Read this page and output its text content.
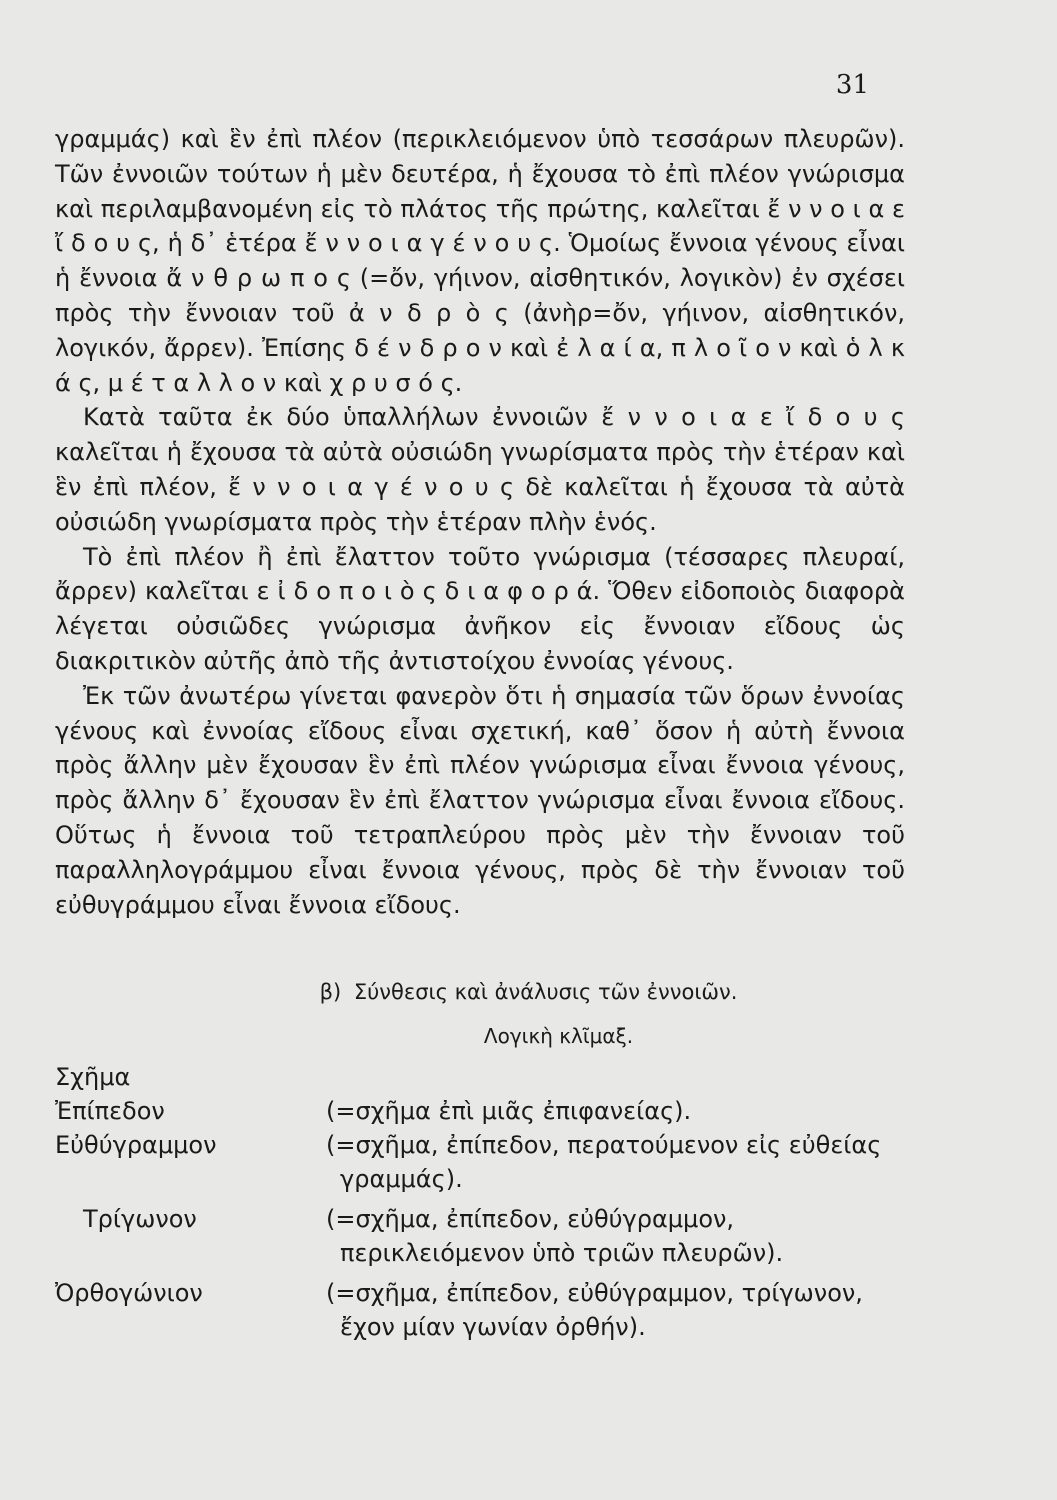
31

γραμμάς) καὶ ἓν ἐπὶ πλέον (περικλειόμενον ὑπὸ τεσσάρων πλευρῶν). Τῶν ἐννοιῶν τούτων ἡ μὲν δευτέρα, ἡ ἔχουσα τὸ ἐπὶ πλέον γνώρισμα καὶ περιλαμβανομένη εἰς τὸ πλάτος τῆς πρώτης, καλεῖται ἔ ν ν ο ι α ε ἴ δ ο υ ς, ἡ δ᾿ ἑτέρα ἔ ν ν ο ι α γ έ ν ο υ ς. Ὁμοίως ἔννοια γένους εἶναι ἡ ἔννοια ἄ ν θ ρ ω π ο ς (=ὄν, γήινον, αἰσθητικόν, λογικὸν) ἐν σχέσει πρὸς τὴν ἔννοιαν τοῦ ἀ ν δ ρ ὸ ς (ἀνὴρ=ὄν, γήινον, αἰσθητικόν, λογικόν, ἄρρεν). Ἐπίσης δ έ ν δ ρ ο ν καὶ ἐ λ α ί α, π λ ο ῖ ο ν καὶ ὁ λ κ ά ς, μ έ τ α λ λ ο ν καὶ χ ρ υ σ ό ς.

Κατὰ ταῦτα ἐκ δύο ὑπαλλήλων ἐννοιῶν ἔ ν ν ο ι α ε ἴ δ ο υ ς καλεῖται ἡ ἔχουσα τὰ αὐτὰ οὐσιώδη γνωρίσματα πρὸς τὴν ἑτέραν καὶ ἓν ἐπὶ πλέον, ἔ ν ν ο ι α γ έ ν ο υ ς δὲ καλεῖται ἡ ἔχουσα τὰ αὐτὰ οὐσιώδη γνωρίσματα πρὸς τὴν ἑτέραν πλὴν ἑνός.

Τὸ ἐπὶ πλέον ἢ ἐπὶ ἔλαττον τοῦτο γνώρισμα (τέσσαρες πλευραί, ἄρρεν) καλεῖται ε ἰ δ ο π ο ι ὸ ς δ ι α φ ο ρ ά. Ὅθεν εἰδοποιὸς διαφορὰ λέγεται οὐσιῶδες γνώρισμα ἀνῆκον εἰς ἔννοιαν εἴδους ὡς διακριτικὸν αὐτῆς ἀπὸ τῆς ἀντιστοίχου ἐννοίας γένους.

Ἐκ τῶν ἀνωτέρω γίνεται φανερὸν ὅτι ἡ σημασία τῶν ὅρων ἐννοίας γένους καὶ ἐννοίας εἴδους εἶναι σχετική, καθ᾿ ὅσον ἡ αὐτὴ ἔννοια πρὸς ἄλλην μὲν ἔχουσαν ἓν ἐπὶ πλέον γνώρισμα εἶναι ἔννοια γένους, πρὸς ἄλλην δ᾿ ἔχουσαν ἓν ἐπὶ ἔλαττον γνώρισμα εἶναι ἔννοια εἴδους. Οὕτως ἡ ἔννοια τοῦ τετραπλεύρου πρὸς μὲν τὴν ἔννοιαν τοῦ παραλληλογράμμου εἶναι ἔννοια γένους, πρὸς δὲ τὴν ἔννοιαν τοῦ εὐθυγράμμου εἶναι ἔννοια εἴδους.

β) Σύνθεσις καὶ ἀνάλυσις τῶν ἐννοιῶν.
Λογικὴ κλῖμαξ.
Σχῆμα
Ἐπίπεδον	(=σχῆμα ἐπὶ μιᾶς ἐπιφανείας).
Εὐθύγραμμον	(=σχῆμα, ἐπίπεδον, περατούμενον εἰς εὐθείας γραμμάς).
Τρίγωνον	(=σχῆμα, ἐπίπεδον, εὐθύγραμμον, περικλειόμενον ὑπὸ τριῶν πλευρῶν).
Ὀρθογώνιον	(=σχῆμα, ἐπίπεδον, εὐθύγραμμον, τρίγωνον, ἔχον μίαν γωνίαν ὀρθήν).
